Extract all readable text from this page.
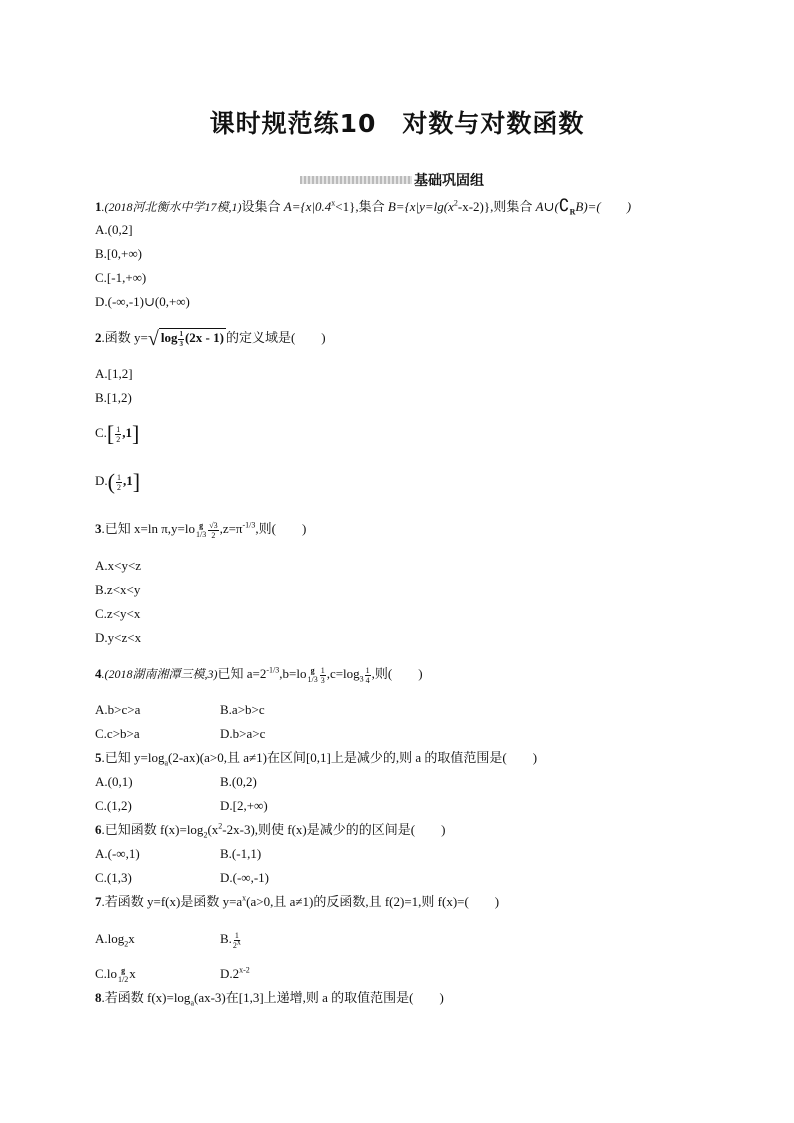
课时规范练10　对数与对数函数
基础巩固组
1.(2018河北衡水中学17模,1)设集合 $A=\{x|0.4^x<1\}$,集合 $B=\{x|y=\lg(x^2-x-2)\}$,则集合 $A\cup(∁_RB)=$(　　)
A.(0,2]
B.[0,+∞)
C.[-1,+∞)
D.(-∞,-1)∪(0,+∞)
2.函数 y=√ $\log \frac{1}{3} (2x - 1)$ 的定义域是(　　)
A.[1,2]
B.[1,2)
$C.[ \frac{1}{2} ,1]$
$D.( \frac{1}{2} ,1]$
3.已知 x=ln π,y=lo g
$1/3 \frac{√3}{2} ,z=\pi^{-1/3}$,则(　　)
A.x<y<z
B.z<x<y
C.z<y<x
D.y<z<x
4.(2018湖南湘潭三模,3)已知 $a=2^{-1/3},b=lo$ g
$1/3 \frac{1}{3} ,c=\log_3 \frac{1}{4}$ ,则(　　)
A.b>c>a	B.a>b>c
C.c>b>a	D.b>a>c
5.已知 $y=\log_a(2-ax)(a>0$,且 a≠1)在区间[0,1]上是减少的,则 a 的取值范围是(　　)
A.(0,1)	B.(0,2)
C.(1,2)	D.[2,+∞)
6.已知函数 $f(x)=\log_2(x^2-2x-3)$,则使 f(x)是减少的的区间是(　　)
A.(-∞,1)	B.(-1,1)
C.(1,3)	D.(-∞,-1)
7.若函数 y=f(x)是函数 $y=a^x(a>0$,且 a≠1)的反函数,且 f(2)=1,则 f(x)=(　　)
$A.\log_2x$	B. $\frac{1}{2^x}$
C.lo g
1/2 x	D.2$^{x-2}$
8.若函数 $f(x)=\log_a(ax-3)$在[1,3]上递增,则 a 的取值范围是(　　)
